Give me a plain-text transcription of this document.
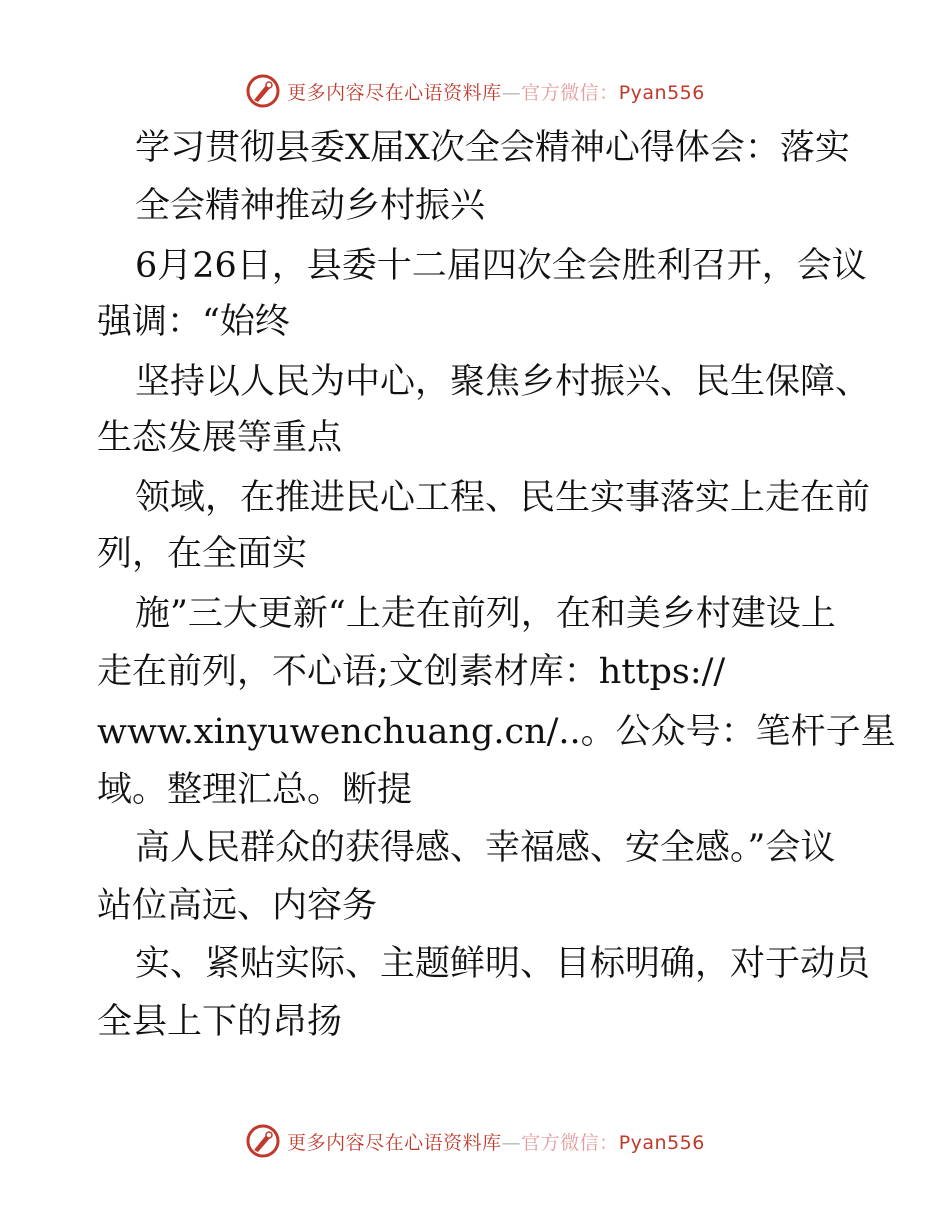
更多内容尽在心语资料库—官方微信：Pyan556
学习贯彻县委X届X次全会精神心得体会：落实
全会精神推动乡村振兴
6月26日，县委十二届四次全会胜利召开，会议
强调：“始终
坚持以人民为中心，聚焦乡村振兴、民生保障、
生态发展等重点
领域，在推进民心工程、民生实事落实上走在前
列，在全面实
施”三大更新“上走在前列，在和美乡村建设上
走在前列，不心语;文创素材库：https://
www.xinyuwenchuang.cn/..。公众号：笔杆子星
域。整理汇总。断提
高人民群众的获得感、幸福感、安全感。”会议
站位高远、内容务
实、紧贴实际、主题鲜明、目标明确，对于动员
全县上下的昂扬
更多内容尽在心语资料库—官方微信：Pyan556
